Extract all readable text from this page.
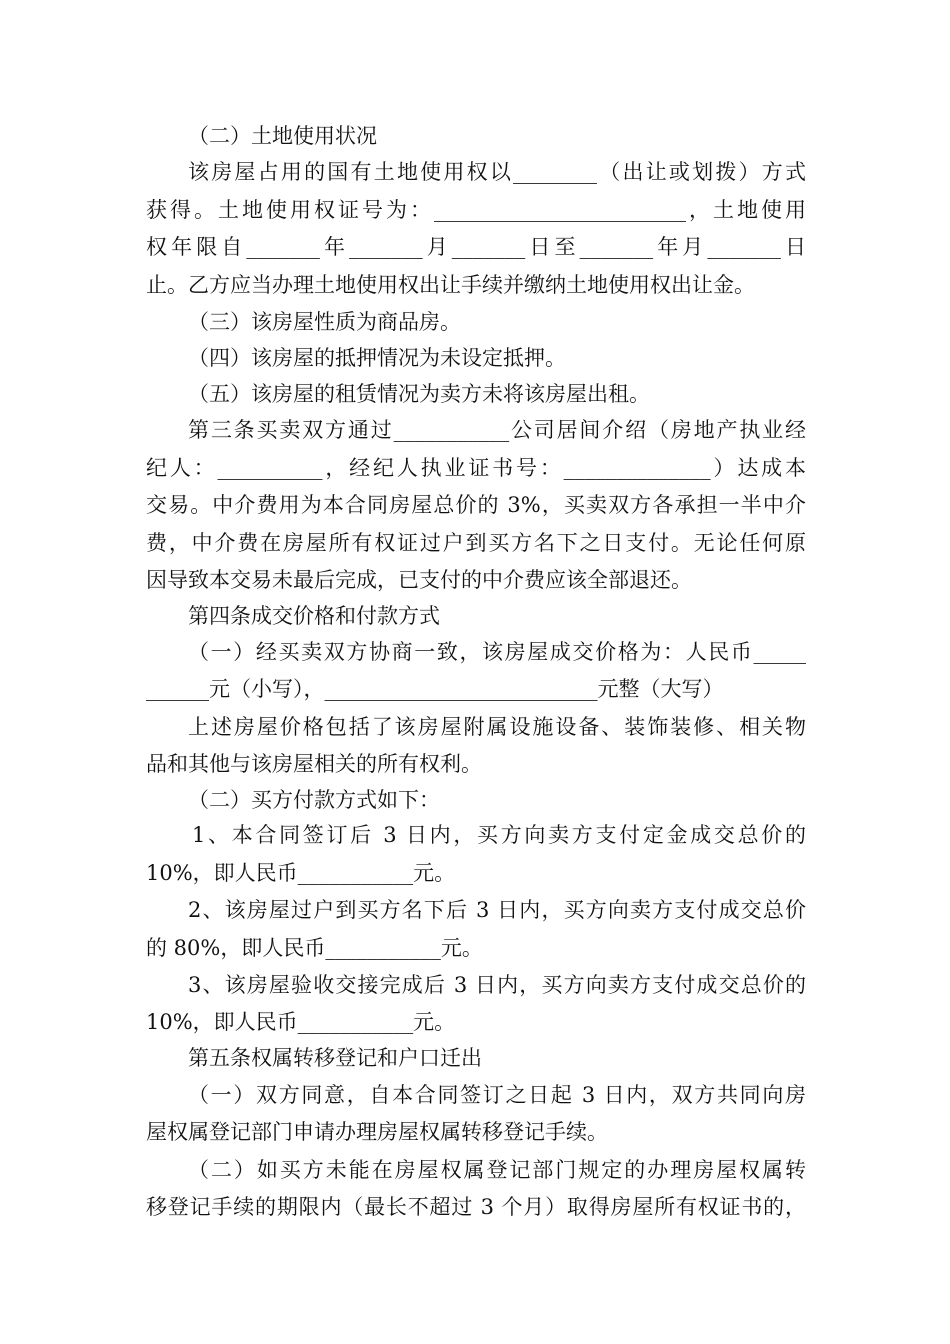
（二）土地使用状况
该房屋占用的国有土地使用权以________（出让或划拨）方式
获得。土地使用权证号为：________________________，土地使用
权年限自_______年_______月_______日至_______年月_______日
止。乙方应当办理土地使用权出让手续并缴纳土地使用权出让金。
（三）该房屋性质为商品房。
（四）该房屋的抵押情况为未设定抵押。
（五）该房屋的租赁情况为卖方未将该房屋出租。
第三条买卖双方通过___________公司居间介绍（房地产执业经
纪人：__________，经纪人执业证书号：______________）达成本
交易。中介费用为本合同房屋总价的 3%，买卖双方各承担一半中介
费，中介费在房屋所有权证过户到买方名下之日支付。无论任何原
因导致本交易未最后完成，已支付的中介费应该全部退还。
第四条成交价格和付款方式
（一）经买卖双方协商一致，该房屋成交价格为：人民币_____
______元（小写），__________________________元整（大写）
上述房屋价格包括了该房屋附属设施设备、装饰装修、相关物
品和其他与该房屋相关的所有权利。
（二）买方付款方式如下：
1、本合同签订后 3 日内，买方向卖方支付定金成交总价的
10%，即人民币___________元。
2、该房屋过户到买方名下后 3 日内，买方向卖方支付成交总价
的 80%，即人民币___________元。
3、该房屋验收交接完成后 3 日内，买方向卖方支付成交总价的
10%，即人民币___________元。
第五条权属转移登记和户口迁出
（一）双方同意，自本合同签订之日起 3 日内，双方共同向房
屋权属登记部门申请办理房屋权属转移登记手续。
（二）如买方未能在房屋权属登记部门规定的办理房屋权属转
移登记手续的期限内（最长不超过 3 个月）取得房屋所有权证书的，
